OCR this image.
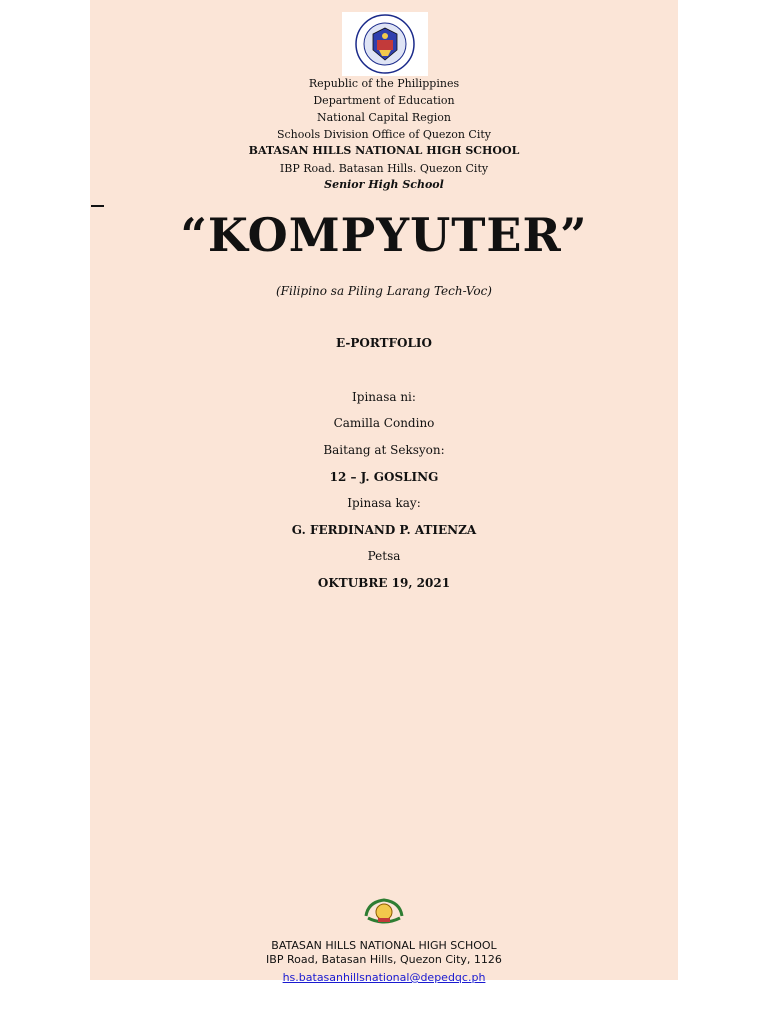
Republic of the Philippines
Department of Education
National Capital Region
Schools Division Office of Quezon City
BATASAN HILLS NATIONAL HIGH SCHOOL
IBP Road. Batasan Hills. Quezon City
Senior High School
“KOMPYUTER”
(Filipino sa Piling Larang Tech-Voc)
E-PORTFOLIO
Ipinasa ni:
Camilla Condino
Baitang at Seksyon:
12 – J. GOSLING
Ipinasa kay:
G. FERDINAND P. ATIENZA
Petsa
OKTUBRE 19, 2021
BATASAN HILLS NATIONAL HIGH SCHOOL
IBP Road, Batasan Hills, Quezon City, 1126
hs.batasanhillsnational@depedqc.ph
